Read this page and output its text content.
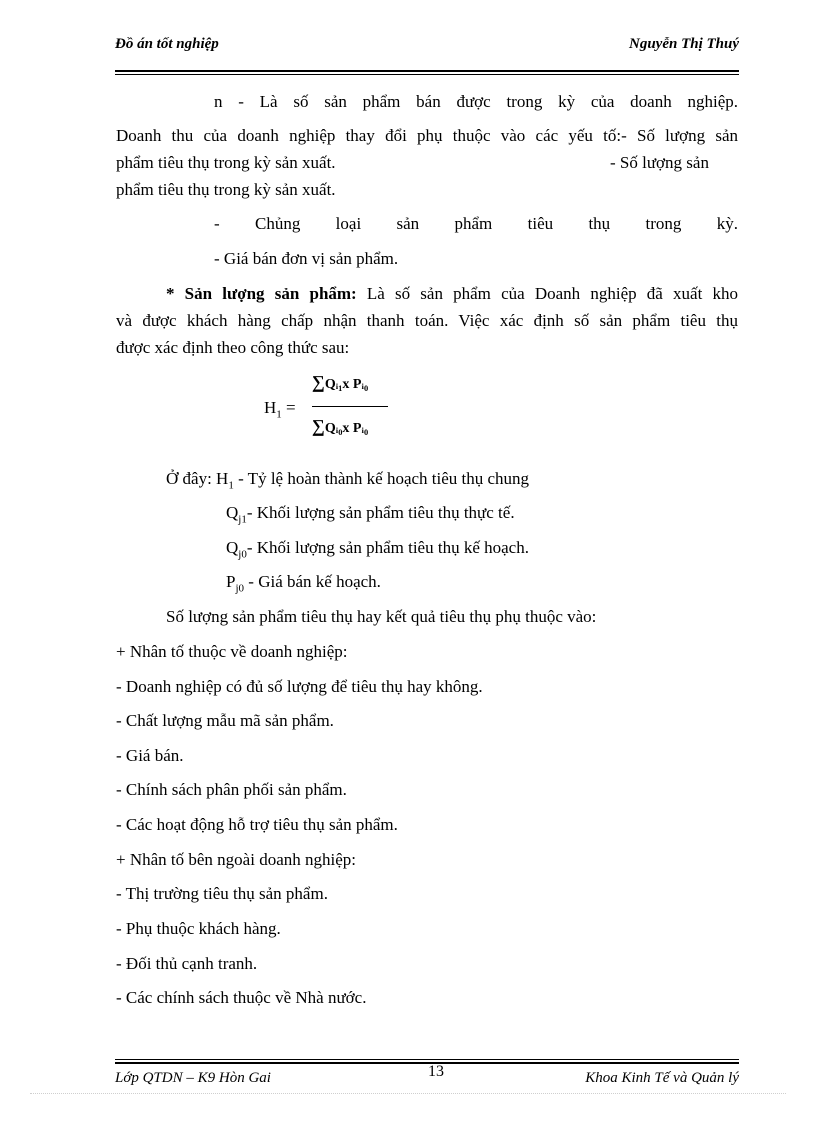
Đồ án tốt nghiệp	Nguyễn Thị Thuý
n - Là số sản phẩm bán được trong kỳ của doanh nghiệp.
Doanh thu của doanh nghiệp thay đổi phụ thuộc vào các yếu tố:- Số lượng sản
phẩm tiêu thụ trong kỳ sản xuất.	- Số lượng sản
phẩm tiêu thụ trong kỳ sản xuất.
- Chủng loại sản phẩm tiêu thụ trong kỳ.
- Giá bán đơn vị sản phẩm.
* Sản lượng sản phẩm: Là số sản phẩm của Doanh nghiệp đã xuất kho
và được khách hàng chấp nhận thanh toán. Việc xác định số sản phẩm tiêu thụ
được xác định theo công thức sau:
$H_1$ =
∑Qᵢ₁x Pᵢ₀
∑Qᵢ₀x Pᵢ₀
Ở đây: $H_1$ - Tỷ lệ hoàn thành kế hoạch tiêu thụ chung
$Q_{j1}-$ Khối lượng sản phẩm tiêu thụ thực tế.
$Q_{j0}-$ Khối lượng sản phẩm tiêu thụ kế hoạch.
$P_{j0}$ - Giá bán kế hoạch.
Số lượng sản phẩm tiêu thụ hay kết quả tiêu thụ phụ thuộc vào:
+ Nhân tố thuộc về doanh nghiệp:
- Doanh nghiệp có đủ số lượng để tiêu thụ hay không.
- Chất lượng mẫu mã sản phẩm.
- Giá bán.
- Chính sách phân phối sản phẩm.
- Các hoạt động hỗ trợ tiêu thụ sản phẩm.
+ Nhân tố bên ngoài doanh nghiệp:
- Thị trường tiêu thụ sản phẩm.
- Phụ thuộc khách hàng.
- Đối thủ cạnh tranh.
- Các chính sách thuộc về Nhà nước.
13
Lớp QTDN – K9 Hòn Gai	Khoa Kinh Tế và Quản lý
